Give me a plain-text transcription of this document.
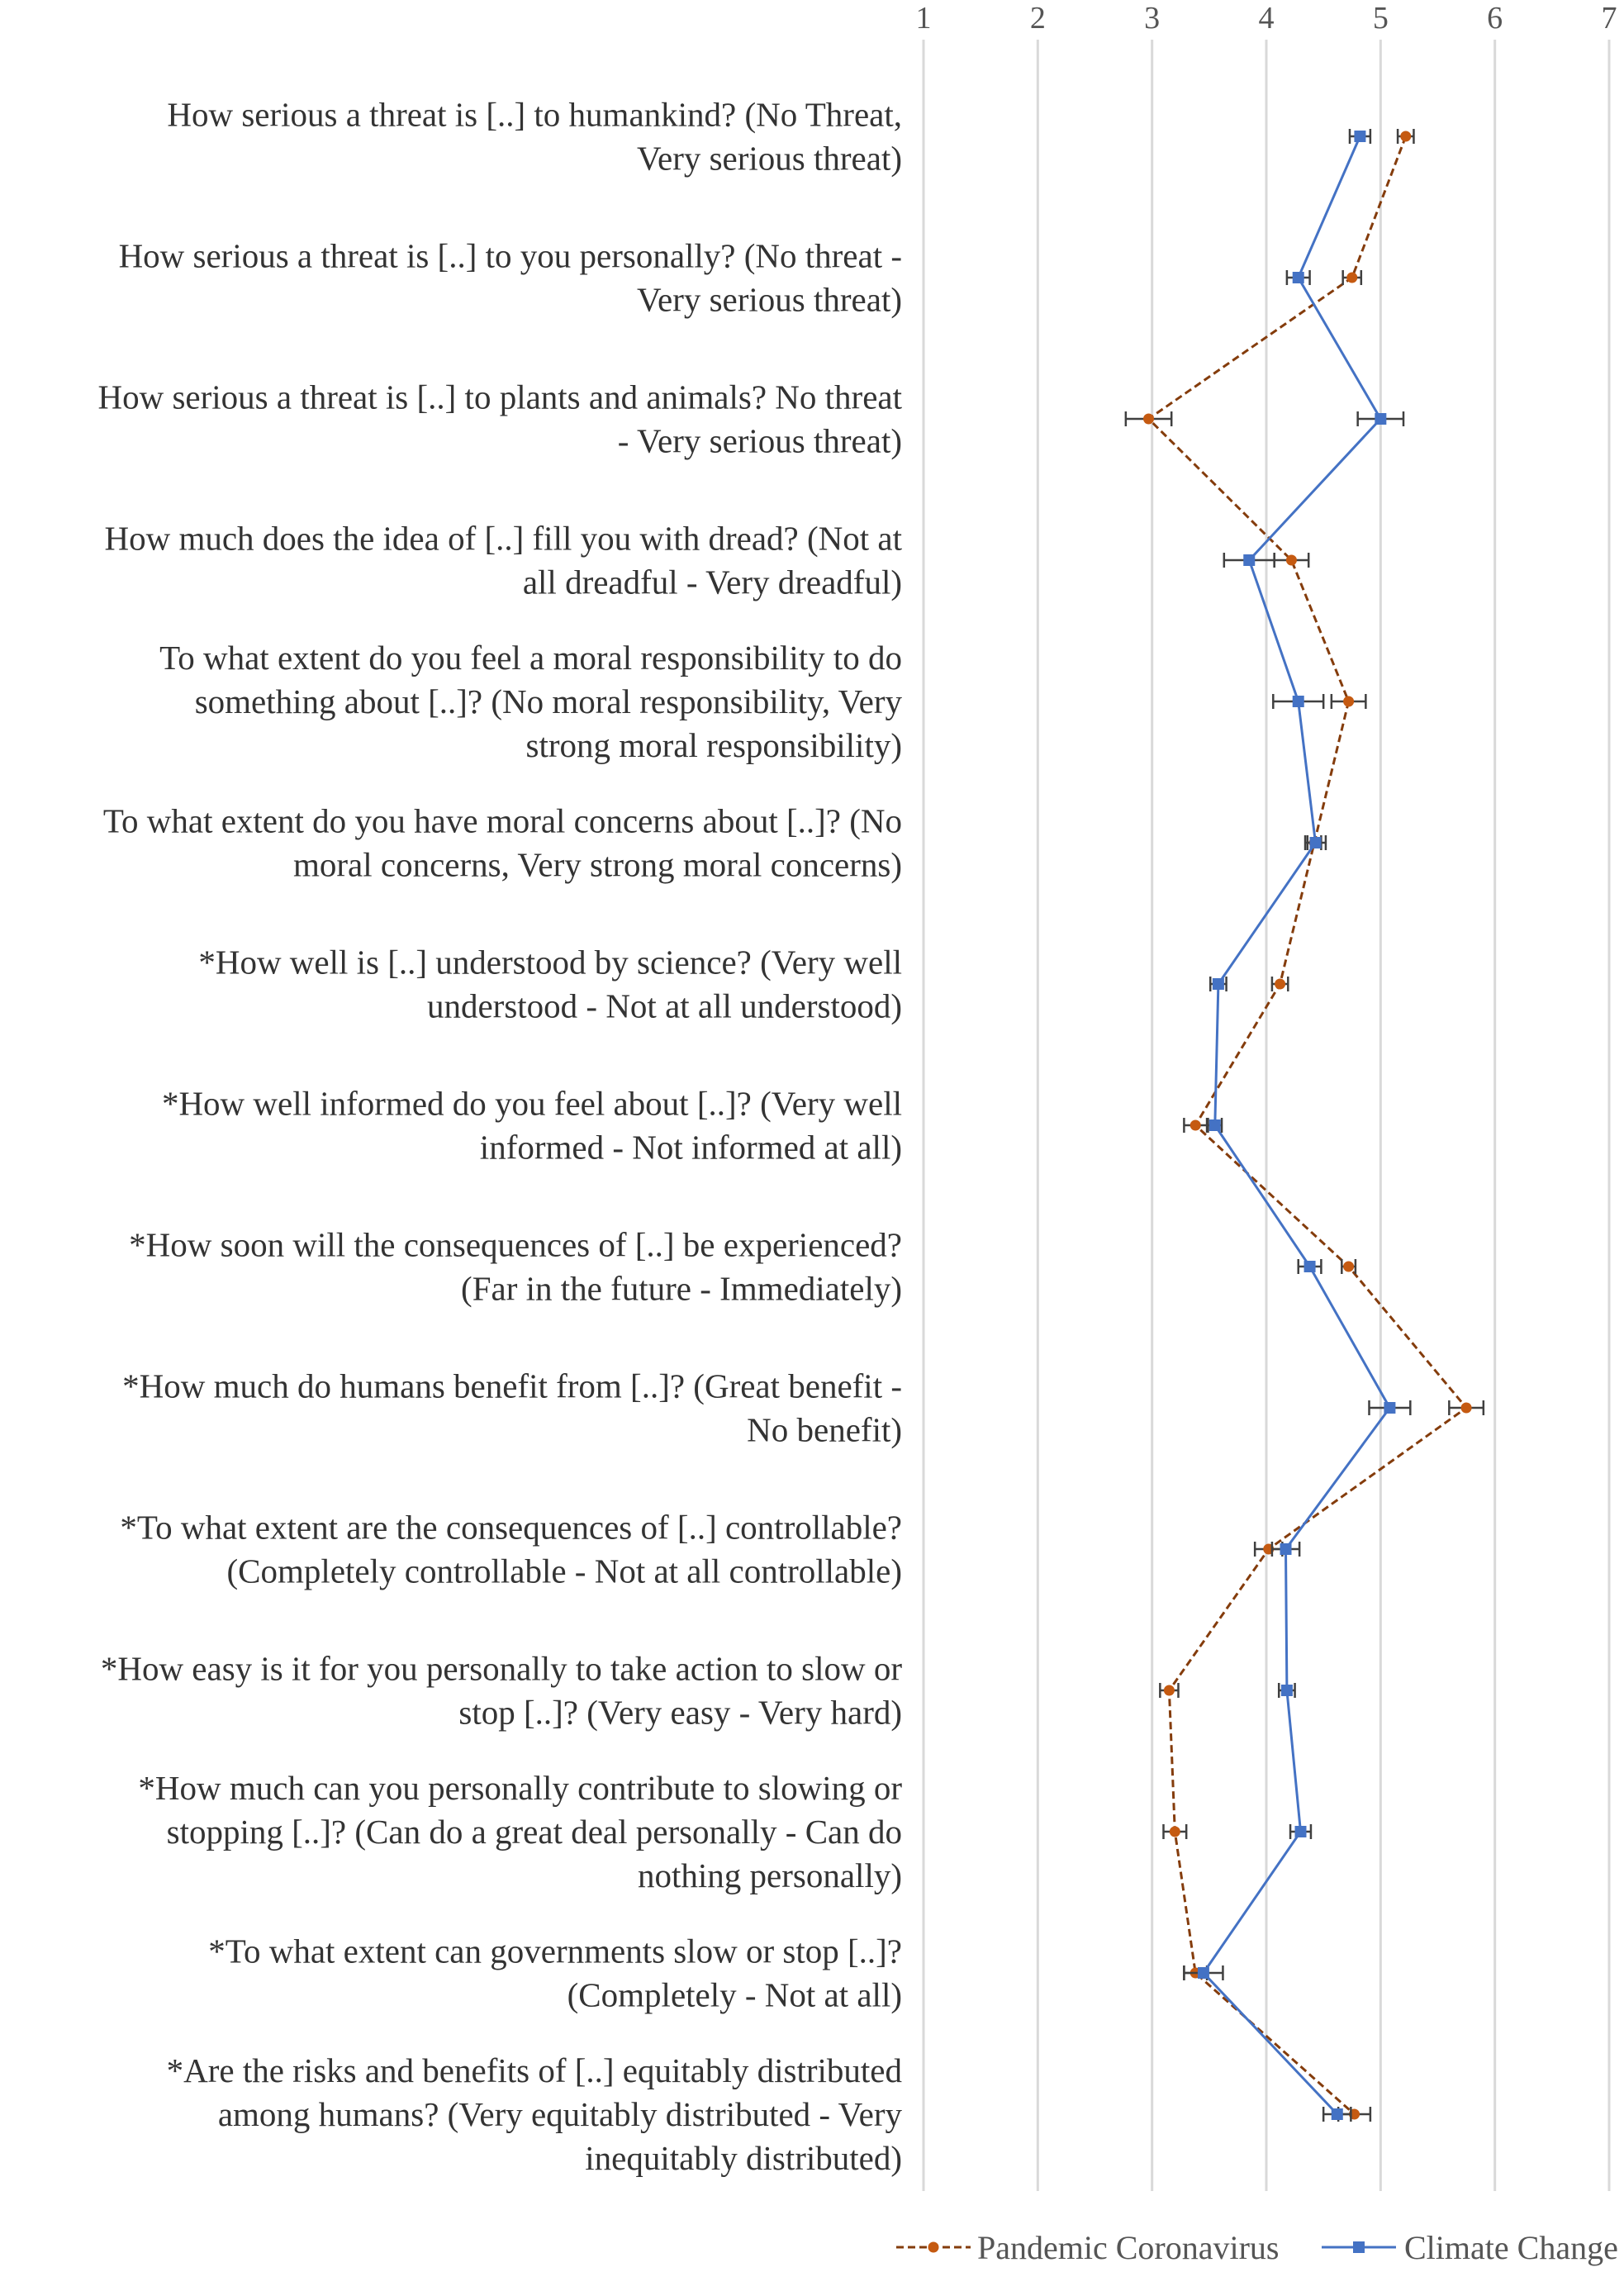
1	2	3	4	5	6	7
How serious a threat is [..] to humankind? (No Threat,
Very serious threat)
How serious a threat is [..] to you personally? (No threat -
Very serious threat)
How serious a threat is [..] to plants and animals? No threat
- Very serious threat)
How much does the idea of [..] fill you with dread? (Not at
all dreadful - Very dreadful)
To what extent do you feel a moral responsibility to do
something about [..]? (No moral responsibility, Very
strong moral responsibility)
To what extent do you have moral concerns about [..]? (No
moral concerns, Very strong moral concerns)
*How well is [..] understood by science? (Very well
understood - Not at all understood)
*How well informed do you feel about [..]? (Very well
informed - Not informed at all)
*How soon will the consequences of [..] be experienced?
(Far in the future - Immediately)
*How much do humans benefit from [..]? (Great benefit -
No benefit)
*To what extent are the consequences of [..] controllable?
(Completely controllable - Not at all controllable)
*How easy is it for you personally to take action to slow or
stop [..]? (Very easy - Very hard)
*How much can you personally contribute to slowing or
stopping [..]? (Can do a great deal personally - Can do
nothing personally)
*To what extent can governments slow or stop [..]?
(Completely - Not at all)
*Are the risks and benefits of [..] equitably distributed
among humans? (Very equitably distributed - Very
inequitably distributed)
Pandemic Coronavirus	Climate Change
